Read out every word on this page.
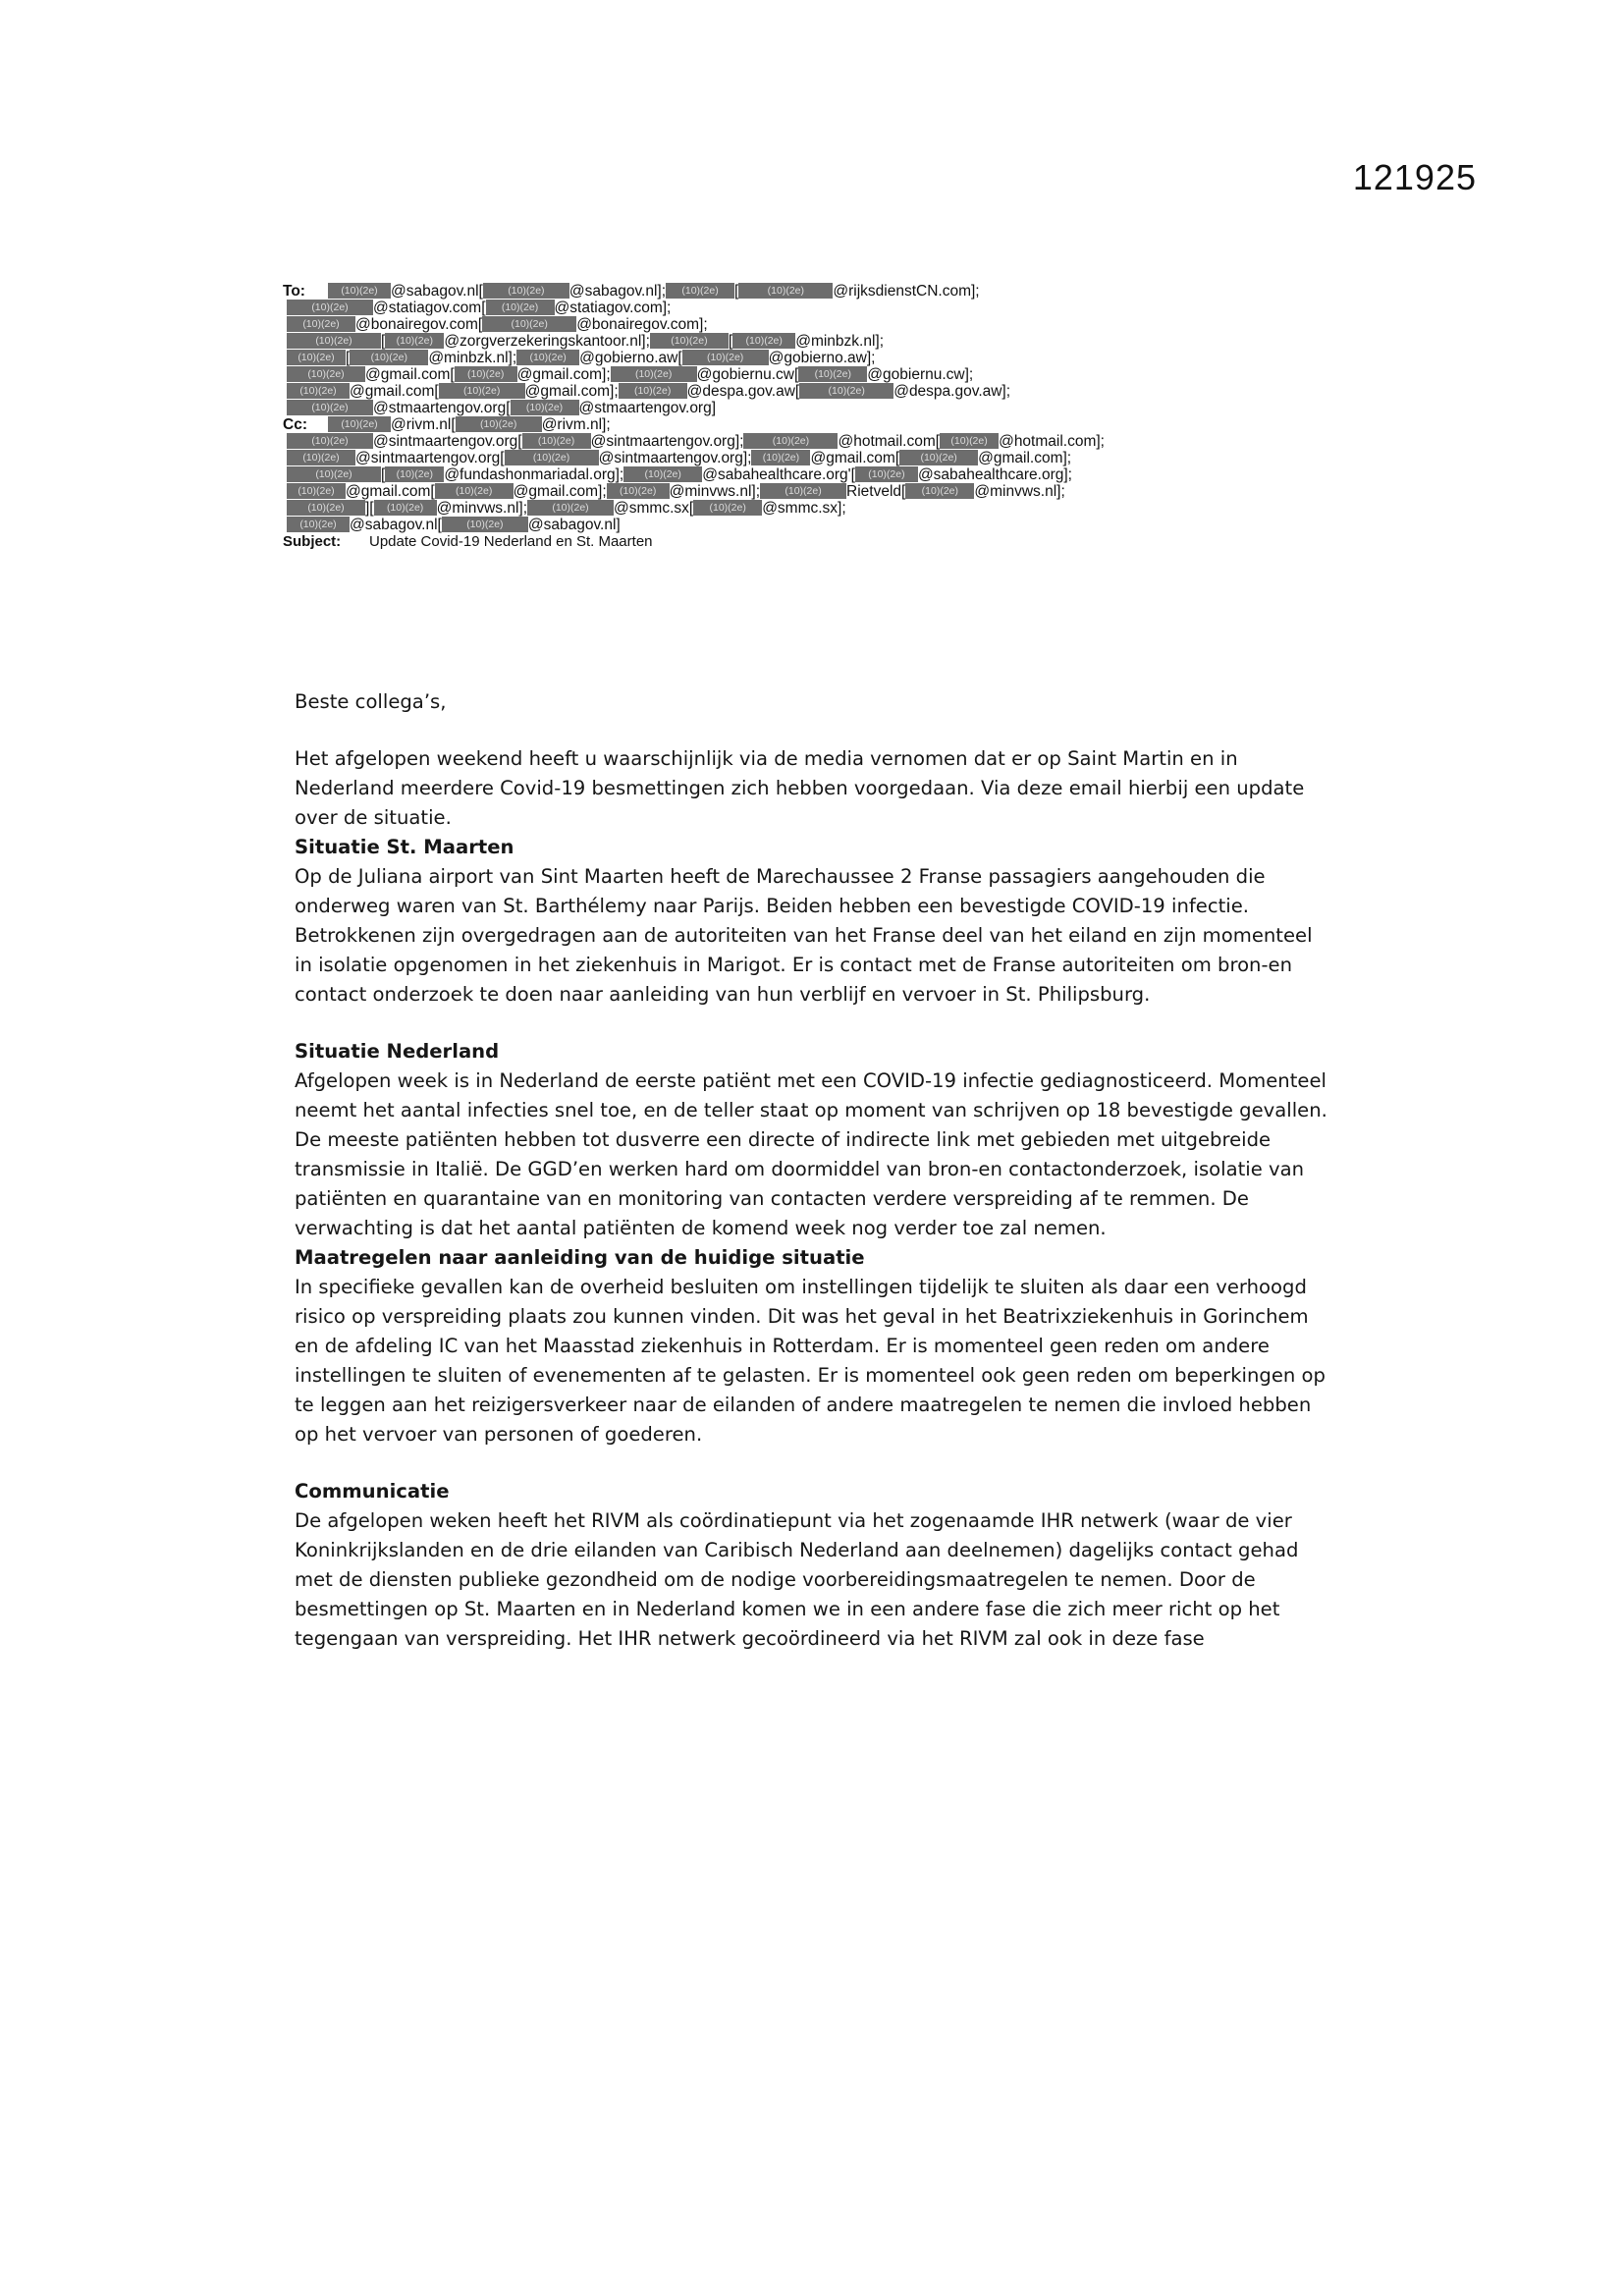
121925
To:	(10)(2e) @sabagov.nl[ (10)(2e) @sabagov.nl]; (10)(2e) [	(10)(2e) @rijksdienstCN.com];
(10)(2e) @statiagov.com[ (10)(2e) @statiagov.com];
(10)(2e) @bonairegov.com[	(10)(2e) @bonairegov.com];
(10)(2e) [ (10)(2e) @zorgverzekeringskantoor.nl]; (10)(2e) [ (10)(2e) @minbzk.nl];
(10)(2e) [ (10)(2e) @minbzk.nl]; (10)(2e) @gobierno.aw[ (10)(2e) @gobierno.aw];
(10)(2e) @gmail.com[ (10)(2e) @gmail.com]; (10)(2e) @gobiernu.cw[ (10)(2e) @gobiernu.cw];
(10)(2e) @gmail.com[ (10)(2e) @gmail.com]; (10)(2e) @despa.gov.aw[	(10)(2e) @despa.gov.aw];
(10)(2e) @stmaartengov.org[ (10)(2e) @stmaartengov.org]
Cc:	(10)(2e) @rivm.nl[ (10)(2e) @rivm.nl];
(10)(2e) @sintmaartengov.org[ (10)(2e) @sintmaartengov.org];	(10)(2e) @hotmail.com[ (10)(2e) @hotmail.com];
(10)(2e) @sintmaartengov.org[	(10)(2e) @sintmaartengov.org]; (10)(2e) @gmail.com[ (10)(2e) @gmail.com];
(10)(2e) [ (10)(2e) @fundashonmariadal.org]; (10)(2e) @sabahealthcare.org'[ (10)(2e) @sabahealthcare.org];
(10)(2e) @gmail.com[ (10)(2e) @gmail.com]; (10)(2e) @minvws.nl]; (10)(2e) Rietveld[ (10)(2e) @minvws.nl];
(10)(2e) ][ (10)(2e) @minvws.nl]; (10)(2e) @smmc.sx[ (10)(2e) @smmc.sx];
(10)(2e) @sabagov.nl[ (10)(2e) @sabagov.nl]
Subject: Update Covid-19 Nederland en St. Maarten

Beste collega’s,

Het afgelopen weekend heeft u waarschijnlijk via de media vernomen dat er op Saint Martin en in

Nederland meerdere Covid-19 besmettingen zich hebben voorgedaan. Via deze email hierbij een update

over de situatie.

Situatie St. Maarten

Op de Juliana airport van Sint Maarten heeft de Marechaussee 2 Franse passagiers aangehouden die

onderweg waren van St. Barthélemy naar Parijs. Beiden hebben een bevestigde COVID-19 infectie.

Betrokkenen zijn overgedragen aan de autoriteiten van het Franse deel van het eiland en zijn momenteel

in isolatie opgenomen in het ziekenhuis in Marigot. Er is contact met de Franse autoriteiten om bron-en

contact onderzoek te doen naar aanleiding van hun verblijf en vervoer in St. Philipsburg.

Situatie Nederland

Afgelopen week is in Nederland de eerste patiënt met een COVID-19 infectie gediagnosticeerd. Momenteel

neemt het aantal infecties snel toe, en de teller staat op moment van schrijven op 18 bevestigde gevallen.

De meeste patiënten hebben tot dusverre een directe of indirecte link met gebieden met uitgebreide

transmissie in Italië. De GGD’en werken hard om doormiddel van bron-en contactonderzoek, isolatie van

patiënten en quarantaine van en monitoring van contacten verdere verspreiding af te remmen. De

verwachting is dat het aantal patiënten de komend week nog verder toe zal nemen.

Maatregelen naar aanleiding van de huidige situatie

In specifieke gevallen kan de overheid besluiten om instellingen tijdelijk te sluiten als daar een verhoogd

risico op verspreiding plaats zou kunnen vinden. Dit was het geval in het Beatrixziekenhuis in Gorinchem

en de afdeling IC van het Maasstad ziekenhuis in Rotterdam. Er is momenteel geen reden om andere

instellingen te sluiten of evenementen af te gelasten. Er is momenteel ook geen reden om beperkingen op

te leggen aan het reizigersverkeer naar de eilanden of andere maatregelen te nemen die invloed hebben

op het vervoer van personen of goederen.

Communicatie

De afgelopen weken heeft het RIVM als coördinatiepunt via het zogenaamde IHR netwerk (waar de vier

Koninkrijkslanden en de drie eilanden van Caribisch Nederland aan deelnemen) dagelijks contact gehad

met de diensten publieke gezondheid om de nodige voorbereidingsmaatregelen te nemen. Door de

besmettingen op St. Maarten en in Nederland komen we in een andere fase die zich meer richt op het

tegengaan van verspreiding. Het IHR netwerk gecoördineerd via het RIVM zal ook in deze fase
